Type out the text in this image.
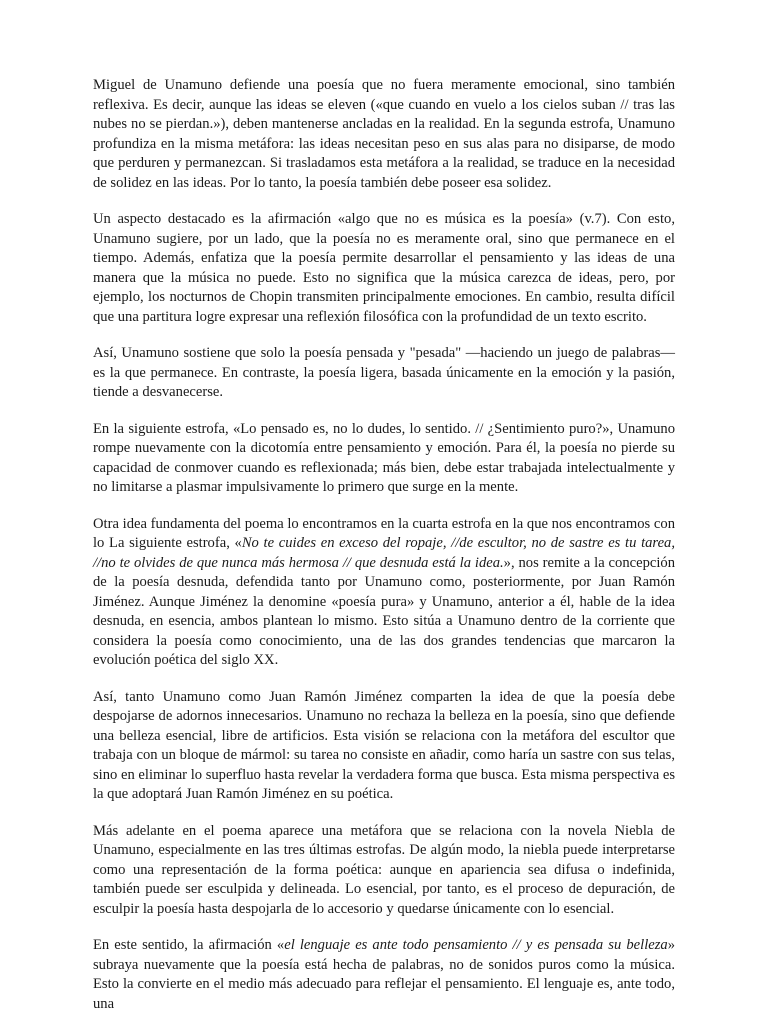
Miguel de Unamuno defiende una poesía que no fuera meramente emocional, sino también reflexiva. Es decir, aunque las ideas se eleven («que cuando en vuelo a los cielos suban // tras las nubes no se pierdan.»), deben mantenerse ancladas en la realidad. En la segunda estrofa, Unamuno profundiza en la misma metáfora: las ideas necesitan peso en sus alas para no disiparse, de modo que perduren y permanezcan. Si trasladamos esta metáfora a la realidad, se traduce en la necesidad de solidez en las ideas. Por lo tanto, la poesía también debe poseer esa solidez.

Un aspecto destacado es la afirmación «algo que no es música es la poesía» (v.7). Con esto, Unamuno sugiere, por un lado, que la poesía no es meramente oral, sino que permanece en el tiempo. Además, enfatiza que la poesía permite desarrollar el pensamiento y las ideas de una manera que la música no puede. Esto no significa que la música carezca de ideas, pero, por ejemplo, los nocturnos de Chopin transmiten principalmente emociones. En cambio, resulta difícil que una partitura logre expresar una reflexión filosófica con la profundidad de un texto escrito.

Así, Unamuno sostiene que solo la poesía pensada y "pesada" —haciendo un juego de palabras— es la que permanece. En contraste, la poesía ligera, basada únicamente en la emoción y la pasión, tiende a desvanecerse.

En la siguiente estrofa, «Lo pensado es, no lo dudes, lo sentido. // ¿Sentimiento puro?», Unamuno rompe nuevamente con la dicotomía entre pensamiento y emoción. Para él, la poesía no pierde su capacidad de conmover cuando es reflexionada; más bien, debe estar trabajada intelectualmente y no limitarse a plasmar impulsivamente lo primero que surge en la mente.

Otra idea fundamenta del poema lo encontramos en la cuarta estrofa en la que nos encontramos con lo La siguiente estrofa, «No te cuides en exceso del ropaje, //de escultor, no de sastre es tu tarea, //no te olvides de que nunca más hermosa // que desnuda está la idea.», nos remite a la concepción de la poesía desnuda, defendida tanto por Unamuno como, posteriormente, por Juan Ramón Jiménez. Aunque Jiménez la denomine «poesía pura» y Unamuno, anterior a él, hable de la idea desnuda, en esencia, ambos plantean lo mismo. Esto sitúa a Unamuno dentro de la corriente que considera la poesía como conocimiento, una de las dos grandes tendencias que marcaron la evolución poética del siglo XX.

Así, tanto Unamuno como Juan Ramón Jiménez comparten la idea de que la poesía debe despojarse de adornos innecesarios. Unamuno no rechaza la belleza en la poesía, sino que defiende una belleza esencial, libre de artificios. Esta visión se relaciona con la metáfora del escultor que trabaja con un bloque de mármol: su tarea no consiste en añadir, como haría un sastre con sus telas, sino en eliminar lo superfluo hasta revelar la verdadera forma que busca. Esta misma perspectiva es la que adoptará Juan Ramón Jiménez en su poética.

Más adelante en el poema aparece una metáfora que se relaciona con la novela Niebla de Unamuno, especialmente en las tres últimas estrofas. De algún modo, la niebla puede interpretarse como una representación de la forma poética: aunque en apariencia sea difusa o indefinida, también puede ser esculpida y delineada. Lo esencial, por tanto, es el proceso de depuración, de esculpir la poesía hasta despojarla de lo accesorio y quedarse únicamente con lo esencial.

En este sentido, la afirmación «el lenguaje es ante todo pensamiento // y es pensada su belleza» subraya nuevamente que la poesía está hecha de palabras, no de sonidos puros como la música. Esto la convierte en el medio más adecuado para reflejar el pensamiento. El lenguaje es, ante todo, una
